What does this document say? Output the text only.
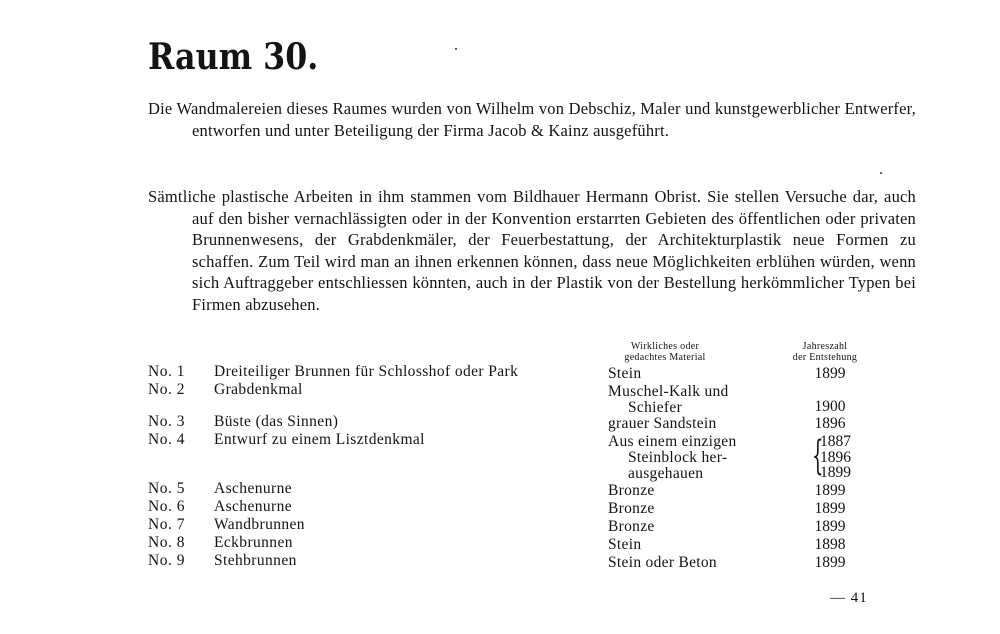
Raum 30.

Die Wandmalereien dieses Raumes wurden von Wilhelm von Debschiz, Maler und kunstgewerblicher Entwerfer, entworfen und unter Beteiligung der Firma Jacob & Kainz ausgeführt.

Sämtliche plastische Arbeiten in ihm stammen vom Bildhauer Hermann Obrist. Sie stellen Versuche dar, auch auf den bisher vernachlässigten oder in der Konvention erstarrten Gebieten des öffentlichen oder privaten Brunnenwesens, der Grabdenkmäler, der Feuerbestattung, der Architekturplastik neue Formen zu schaffen. Zum Teil wird man an ihnen erkennen können, dass neue Möglichkeiten erblühen würden, wenn sich Auftraggeber entschliessen könnten, auch in der Plastik von der Bestellung herkömmlicher Typen bei Firmen abzusehen.

Wirkliches oder
gedachtes Material
Jahreszahl
der Entstehung
No. 1 Dreiteiliger Brunnen für Schlosshof oder Park	Stein	1899
No. 2 Grabdenkmal	Muschel-Kalk und
Schiefer	1900
No. 3 Büste (das Sinnen)	grauer Sandstein	1896
No. 4 Entwurf zu einem Lisztdenkmal	Aus einem einzigen
Steinblock her-
ausgehauen	{
1887
1896
1899
No. 5 Aschenurne	Bronze	1899
No. 6 Aschenurne	Bronze	1899
No. 7 Wandbrunnen	Bronze	1899
No. 8 Eckbrunnen	Stein	1898
No. 9 Stehbrunnen	Stein oder Beton	1899
— 41
